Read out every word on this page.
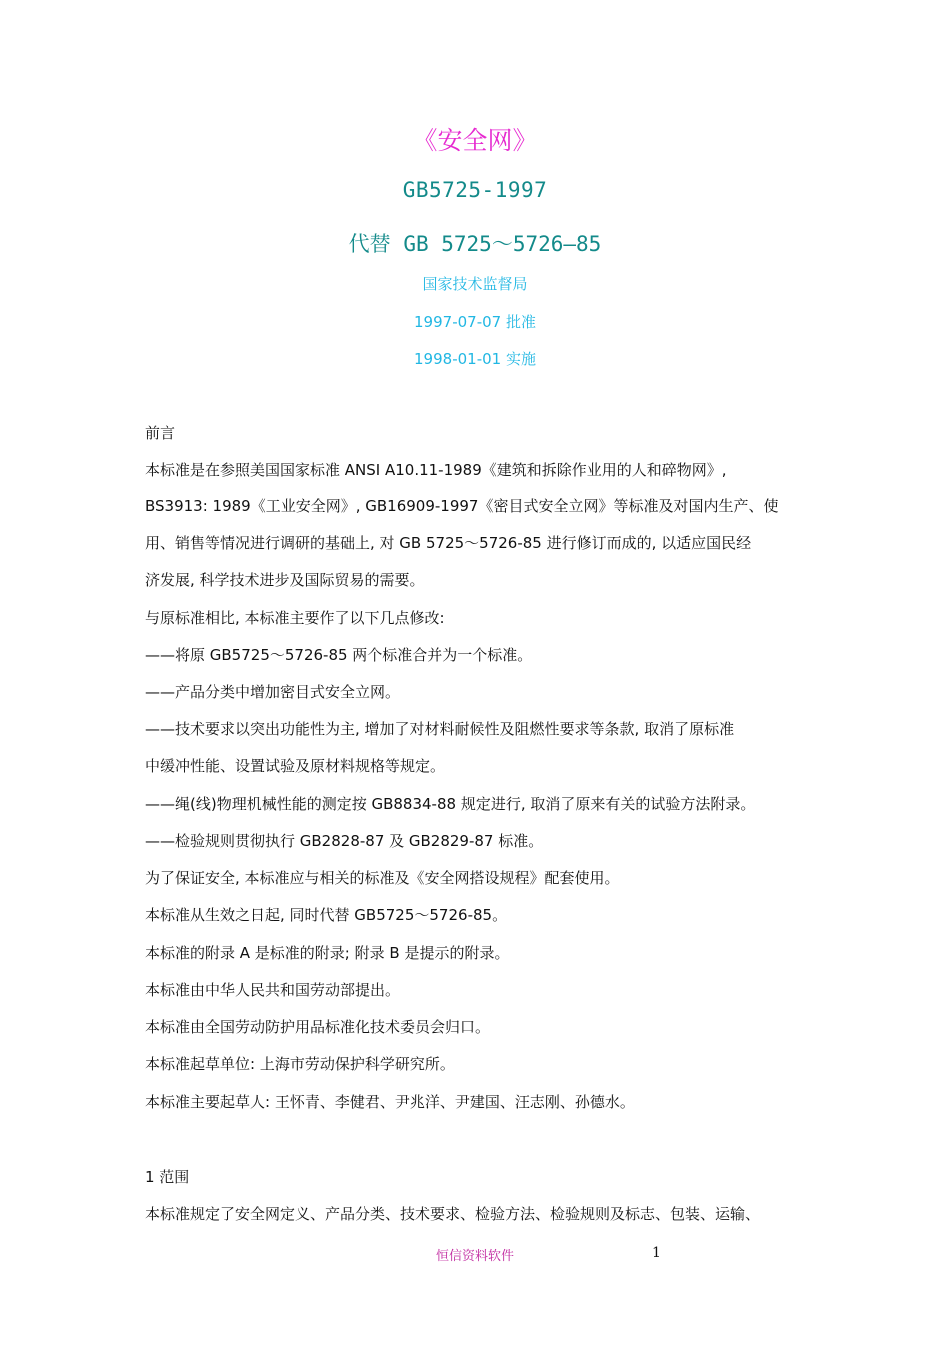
《安全网》
GB5725-1997
代替 GB 5725～5726—85
国家技术监督局
1997-07-07 批准
1998-01-01 实施
前言
本标准是在参照美国国家标准 ANSI A10.11-1989《建筑和拆除作业用的人和碎物网》,
BS3913: 1989《工业安全网》, GB16909-1997《密目式安全立网》等标准及对国内生产、使
用、销售等情况进行调研的基础上, 对 GB 5725～5726-85 进行修订而成的, 以适应国民经
济发展, 科学技术进步及国际贸易的需要。
与原标准相比, 本标准主要作了以下几点修改:
——将原 GB5725～5726-85 两个标准合并为一个标准。
——产品分类中增加密目式安全立网。
——技术要求以突出功能性为主, 增加了对材料耐候性及阻燃性要求等条款, 取消了原标准
中缓冲性能、设置试验及原材料规格等规定。
——绳(线)物理机械性能的测定按 GB8834-88 规定进行, 取消了原来有关的试验方法附录。
——检验规则贯彻执行 GB2828-87 及 GB2829-87 标准。
为了保证安全, 本标准应与相关的标准及《安全网搭设规程》配套使用。
本标准从生效之日起, 同时代替 GB5725～5726-85。
本标准的附录 A 是标准的附录; 附录 B 是提示的附录。
本标准由中华人民共和国劳动部提出。
本标准由全国劳动防护用品标准化技术委员会归口。
本标准起草单位: 上海市劳动保护科学研究所。
本标准主要起草人: 王怀青、李健君、尹兆洋、尹建国、汪志刚、孙德水。
1 范围
本标准规定了安全网定义、产品分类、技术要求、检验方法、检验规则及标志、包装、运输、
恒信资料软件	1
